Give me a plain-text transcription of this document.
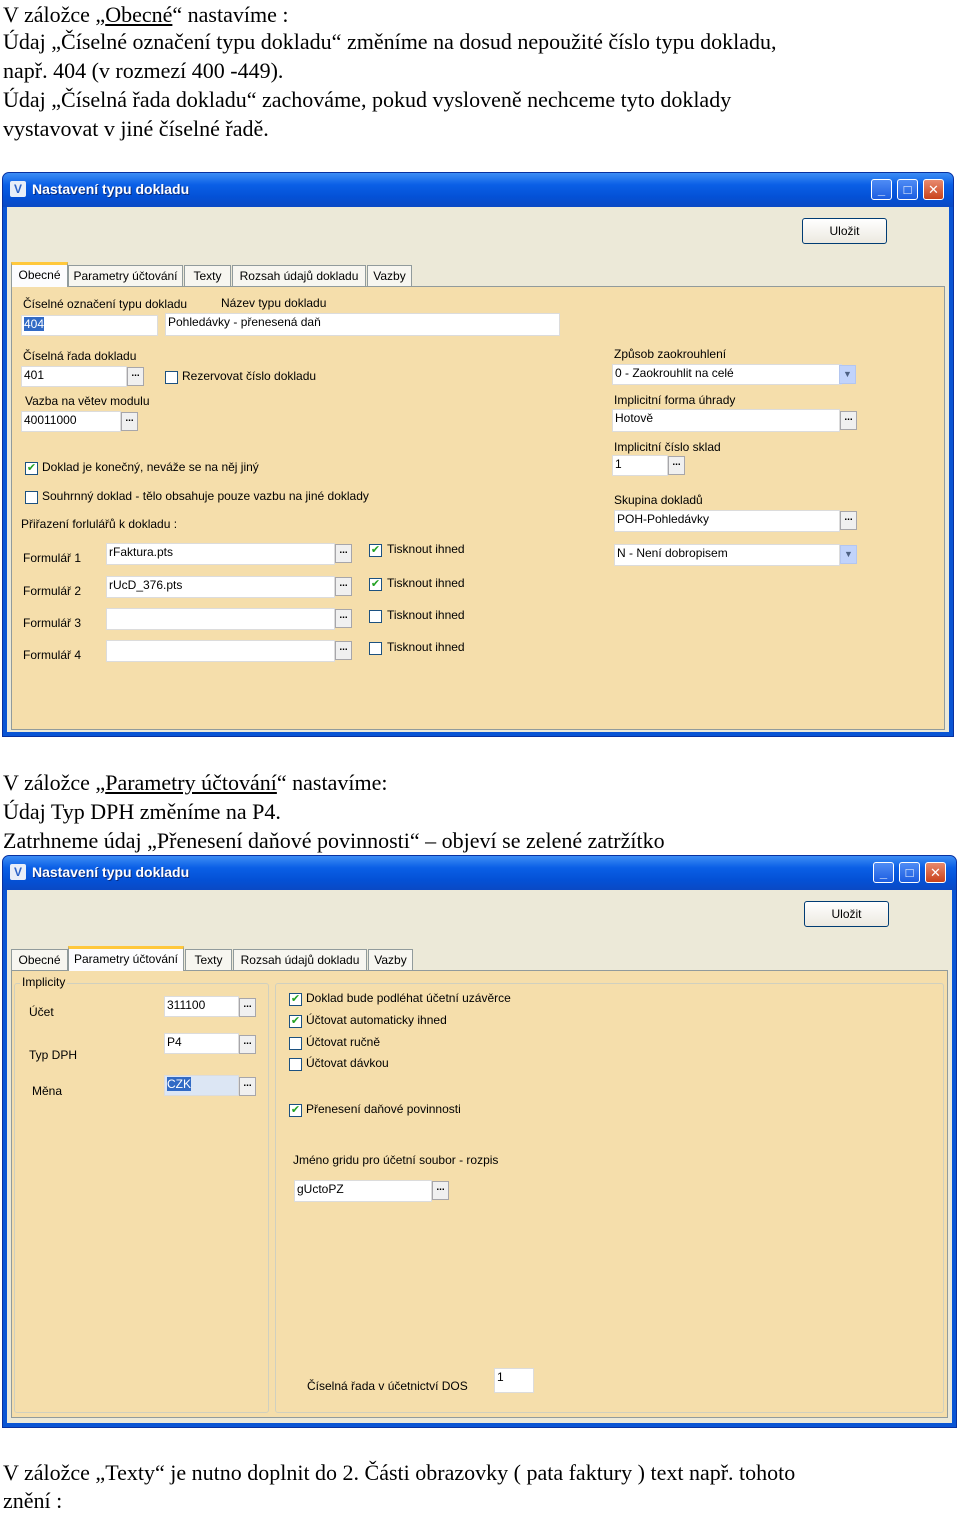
V záložce „Obecné“ nastavíme :
Údaj „Číselné označení typu dokladu“ změníme na dosud nepoužité číslo typu dokladu,
např. 404 (v rozmezí 400 -449).
Údaj „Číselná řada dokladu“ zachováme, pokud vysloveně nechceme tyto doklady
vystavovat v jiné číselné řadě.
V Nastavení typu dokladu	_	□	✕
Uložit
Obecné	Parametry účtování	Texty	Rozsah údajů dokladu	Vazby
Číselné označení typu dokladu	Název typu dokladu
404	Pohledávky - přenesená daň
Číselná řada dokladu
401	...	Rezervovat číslo dokladu
Vazba na větev modulu
40011000	...
Způsob zaokrouhlení
0 - Zaokrouhlit na celé	▼
Implicitní forma úhrady
Hotově	...
Implicitní číslo sklad
1	...
✔ Doklad je konečný, neváže se na něj jiný
Souhrnný doklad - tělo obsahuje pouze vazbu na jiné doklady	Skupina dokladů
POH-Pohledávky	...
N - Není dobropisem	▼
Přiřazení forlulářů k dokladu :
Formulář 1 rFaktura.pts	...	✔ Tisknout ihned
Formulář 2 rUcD_376.pts	...	✔ Tisknout ihned
Formulář 3
...	Tisknout ihned
Formulář 4
...	Tisknout ihned
V záložce „Parametry účtování“ nastavíme:
Údaj Typ DPH změníme na P4.
Zatrhneme údaj „Přenesení daňové povinnosti“ – objeví se zelené zatržítko
V Nastavení typu dokladu	_	□	✕
Uložit
Obecné	Parametry účtování	Texty	Rozsah údajů dokladu	Vazby
Implicity
Účet	311100	...
Typ DPH
P4	...
Měna	CZK	...
✔ Doklad bude podléhat účetní uzávěrce
✔ Účtovat automaticky ihned
Účtovat ručně
Účtovat dávkou
✔ Přenesení daňové povinnosti
Jméno gridu pro účetní soubor - rozpis
gUctoPZ	...
Číselná řada v účetnictví DOS
1
V záložce „Texty“ je nutno doplnit do 2. Části obrazovky ( pata faktury ) text např. tohoto
znění :
